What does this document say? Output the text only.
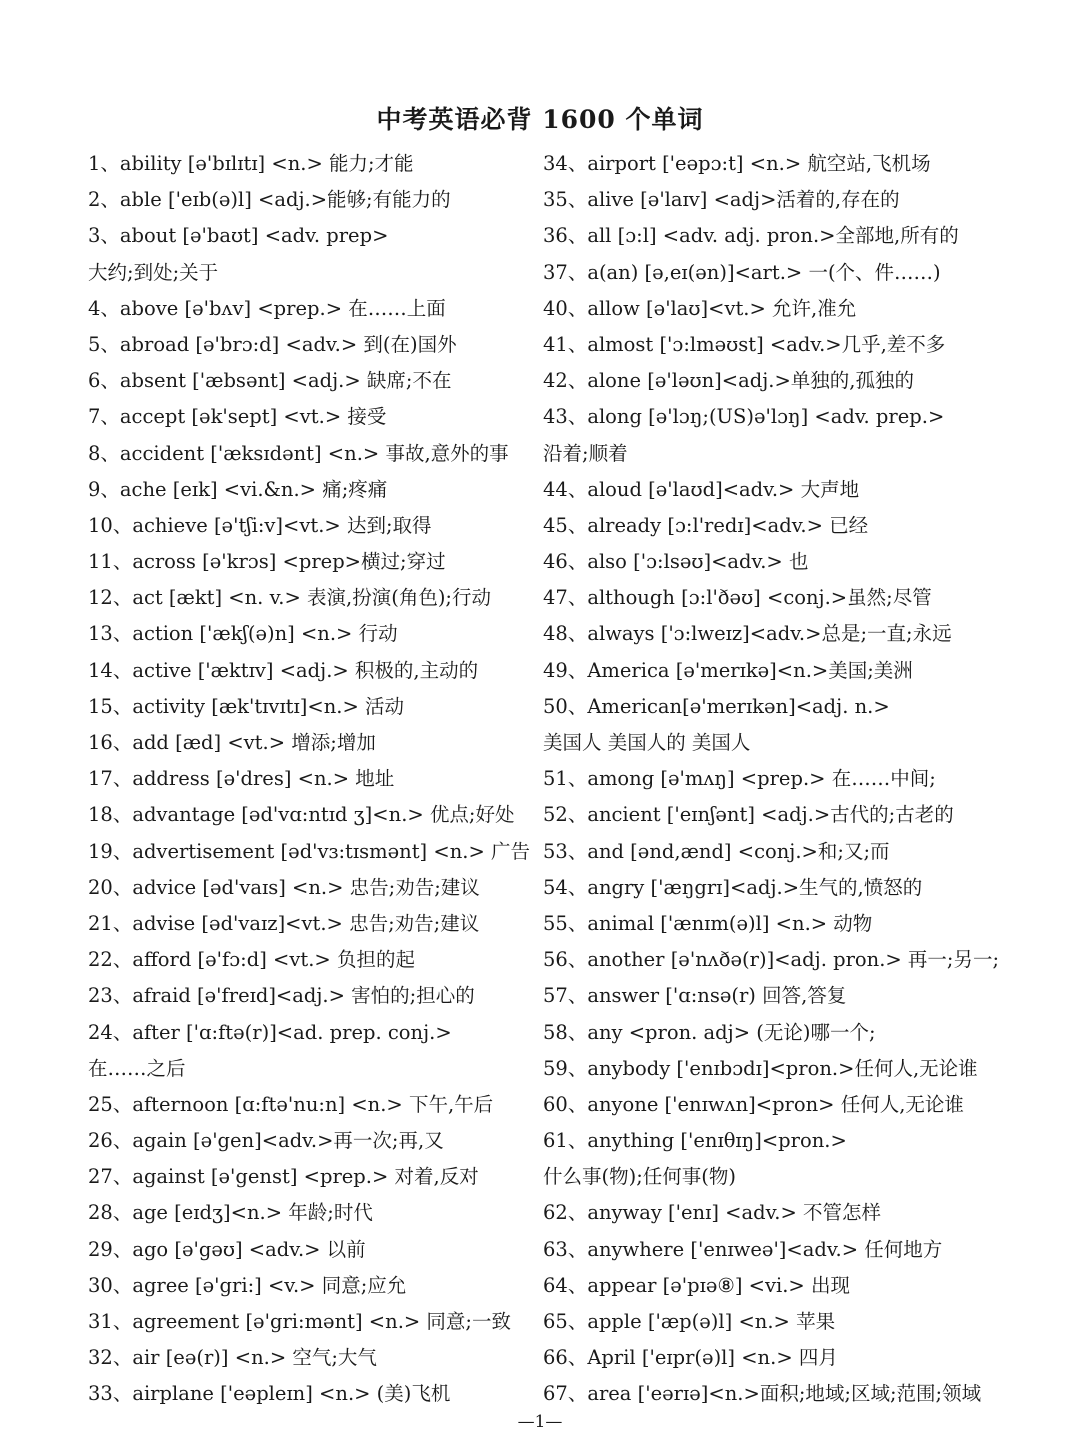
中考英语必背 1600 个单词
1、ability [ə'bɪlɪtɪ] <n.> 能力;才能
2、able ['eɪb(ə)l] <adj.>能够;有能力的
3、about [ə'baʊt] <adv. prep>
大约;到处;关于
4、above [ə'bʌv] <prep.> 在……上面
5、abroad [ə'brɔ:d] <adv.> 到(在)国外
6、absent ['æbsənt] <adj.> 缺席;不在
7、accept [ək'sept] <vt.> 接受
8、accident ['æksɪdənt] <n.> 事故,意外的事
9、ache [eɪk] <vi.&n.> 痛;疼痛
10、achieve [ə'tʃi:v]<vt.> 达到;取得
11、across [ə'krɔs] <prep>横过;穿过
12、act [ækt] <n. v.> 表演,扮演(角色);行动
13、action ['ækʃ(ə)n] <n.> 行动
14、active ['æktɪv] <adj.> 积极的,主动的
15、activity [æk'tɪvɪtɪ]<n.> 活动
16、add [æd] <vt.> 增添;增加
17、address [ə'dres] <n.> 地址
18、advantage [əd'vɑ:ntɪd ʒ]<n.> 优点;好处
19、advertisement [əd'vɜ:tɪsmənt] <n.> 广告
20、advice [əd'vaɪs] <n.> 忠告;劝告;建议
21、advise [əd'vaɪz]<vt.> 忠告;劝告;建议
22、afford [ə'fɔ:d] <vt.> 负担的起
23、afraid [ə'freɪd]<adj.> 害怕的;担心的
24、after ['ɑ:ftə(r)]<ad. prep. conj.>
在……之后
25、afternoon [ɑ:ftə'nu:n] <n.> 下午,午后
26、again [ə'gen]<adv.>再一次;再,又
27、against [ə'genst] <prep.> 对着,反对
28、age [eɪdʒ]<n.> 年龄;时代
29、ago [ə'gəʊ] <adv.> 以前
30、agree [ə'gri:] <v.> 同意;应允
31、agreement [ə'gri:mənt] <n.> 同意;一致
32、air [eə(r)] <n.> 空气;大气
33、airplane ['eəpleɪn] <n.> (美)飞机
34、airport ['eəpɔ:t] <n.> 航空站,飞机场
35、alive [ə'laɪv] <adj>活着的,存在的
36、all [ɔ:l] <adv. adj. pron.>全部地,所有的
37、a(an) [ə,eɪ(ən)]<art.> 一(个、件……)
40、allow [ə'laʊ]<vt.> 允许,准允
41、almost ['ɔ:lməʊst] <adv.>几乎,差不多
42、alone [ə'ləʊn]<adj.>单独的,孤独的
43、along [ə'lɔŋ;(US)ə'lɔŋ] <adv. prep.>
沿着;顺着
44、aloud [ə'laʊd]<adv.> 大声地
45、already [ɔ:l'redɪ]<adv.> 已经
46、also ['ɔ:lsəʊ]<adv.> 也
47、although [ɔ:l'ðəʊ] <conj.>虽然;尽管
48、always ['ɔ:lweɪz]<adv.>总是;一直;永远
49、America [ə'merɪkə]<n.>美国;美洲
50、American[ə'merɪkən]<adj. n.>
美国人 美国人的 美国人
51、among [ə'mʌŋ] <prep.> 在……中间;
52、ancient ['eɪnʃənt] <adj.>古代的;古老的
53、and [ənd,ænd] <conj.>和;又;而
54、angry ['æŋgrɪ]<adj.>生气的,愤怒的
55、animal ['ænɪm(ə)l] <n.> 动物
56、another [ə'nʌðə(r)]<adj. pron.> 再一;另一;
57、answer ['ɑ:nsə(r) 回答,答复
58、any <pron. adj> (无论)哪一个;
59、anybody ['enɪbɔdɪ]<pron.>任何人,无论谁
60、anyone ['enɪwʌn]<pron> 任何人,无论谁
61、anything ['enɪθɪŋ]<pron.>
什么事(物);任何事(物)
62、anyway ['enɪ] <adv.> 不管怎样
63、anywhere ['enɪweə']<adv.> 任何地方
64、appear [ə'pɪə⑧] <vi.> 出现
65、apple ['æp(ə)l] <n.> 苹果
66、April ['eɪpr(ə)l] <n.> 四月
67、area ['eərɪə]<n.>面积;地域;区域;范围;领域
—1—
